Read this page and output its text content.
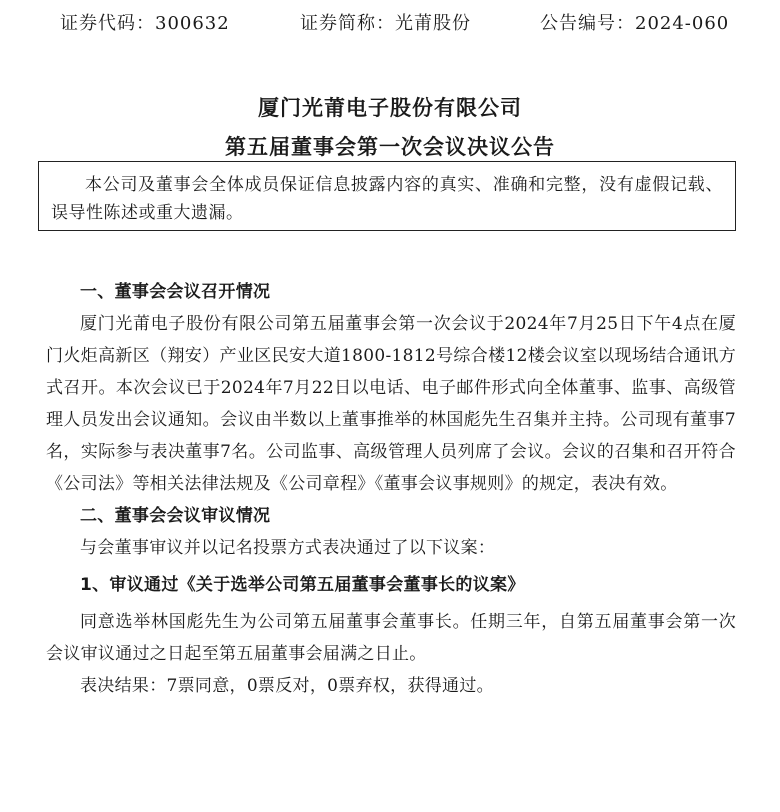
证券代码：300632	证券简称：光莆股份	公告编号：2024-060
厦门光莆电子股份有限公司
第五届董事会第一次会议决议公告
本公司及董事会全体成员保证信息披露内容的真实、准确和完整，没有虚假记载、误导性陈述或重大遗漏。

一、董事会会议召开情况

厦门光莆电子股份有限公司第五届董事会第一次会议于2024年7月25日下午4点在厦门火炬高新区（翔安）产业区民安大道1800-1812号综合楼12楼会议室以现场结合通讯方式召开。本次会议已于2024年7月22日以电话、电子邮件形式向全体董事、监事、高级管理人员发出会议通知。会议由半数以上董事推举的林国彪先生召集并主持。公司现有董事7名，实际参与表决董事7名。公司监事、高级管理人员列席了会议。会议的召集和召开符合《公司法》等相关法律法规及《公司章程》《董事会议事规则》的规定，表决有效。

二、董事会会议审议情况

与会董事审议并以记名投票方式表决通过了以下议案：

1、审议通过《关于选举公司第五届董事会董事长的议案》

同意选举林国彪先生为公司第五届董事会董事长。任期三年，自第五届董事会第一次会议审议通过之日起至第五届董事会届满之日止。

表决结果：7票同意，0票反对，0票弃权，获得通过。
